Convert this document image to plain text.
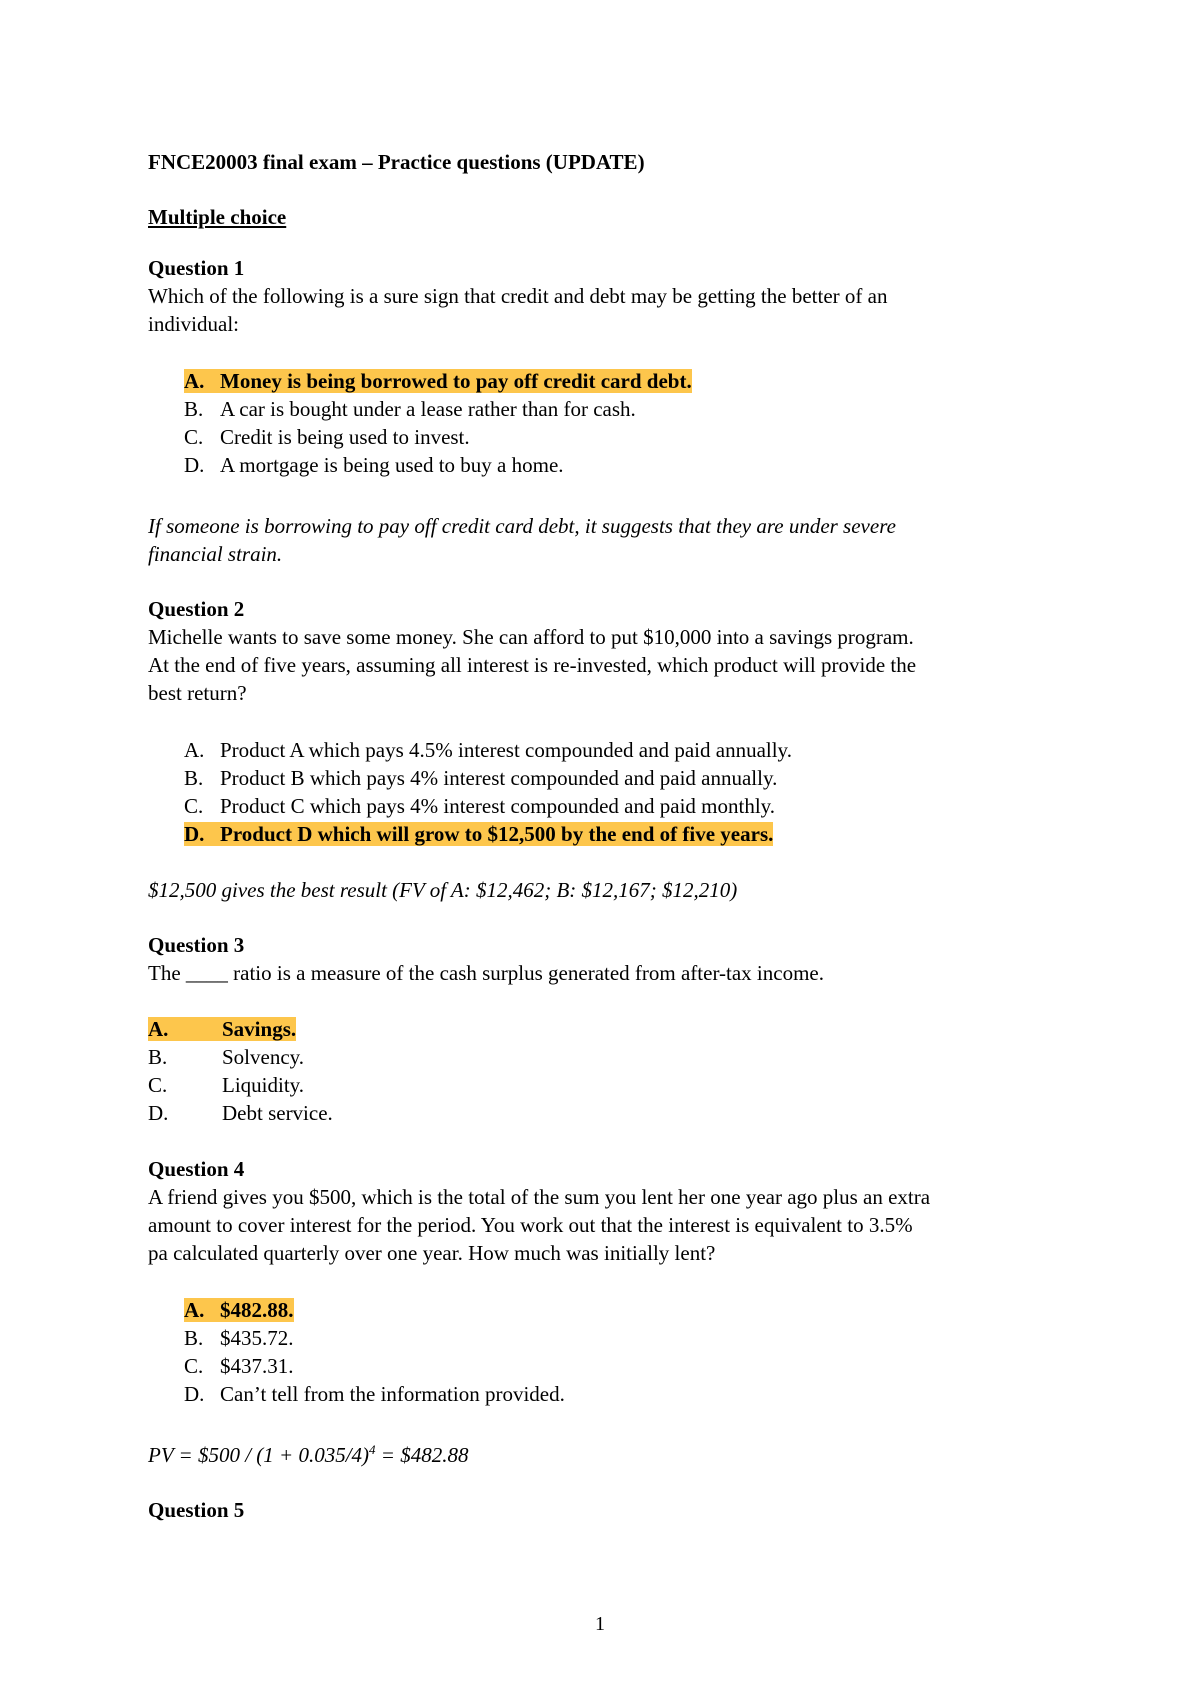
FNCE20003 final exam – Practice questions (UPDATE)
Multiple choice
Question 1
Which of the following is a sure sign that credit and debt may be getting the better of an
individual:
A. Money is being borrowed to pay off credit card debt.
B. A car is bought under a lease rather than for cash.
C. Credit is being used to invest.
D. A mortgage is being used to buy a home.
If someone is borrowing to pay off credit card debt, it suggests that they are under severe
financial strain.
Question 2
Michelle wants to save some money. She can afford to put $10,000 into a savings program.
At the end of five years, assuming all interest is re-invested, which product will provide the
best return?
A. Product A which pays 4.5% interest compounded and paid annually.
B. Product B which pays 4% interest compounded and paid annually.
C. Product C which pays 4% interest compounded and paid monthly.
D. Product D which will grow to $12,500 by the end of five years.
$12,500 gives the best result (FV of A: $12,462; B: $12,167; $12,210)
Question 3
The ____ ratio is a measure of the cash surplus generated from after-tax income.
A.	Savings.
B.	Solvency.
C.	Liquidity.
D.	Debt service.
Question 4
A friend gives you $500, which is the total of the sum you lent her one year ago plus an extra
amount to cover interest for the period. You work out that the interest is equivalent to 3.5%
pa calculated quarterly over one year. How much was initially lent?
A. $482.88.
B. $435.72.
C. $437.31.
D. Can’t tell from the information provided.
PV = $500 / $(1 + 0.035/4)^4$ = $482.88
Question 5
1
